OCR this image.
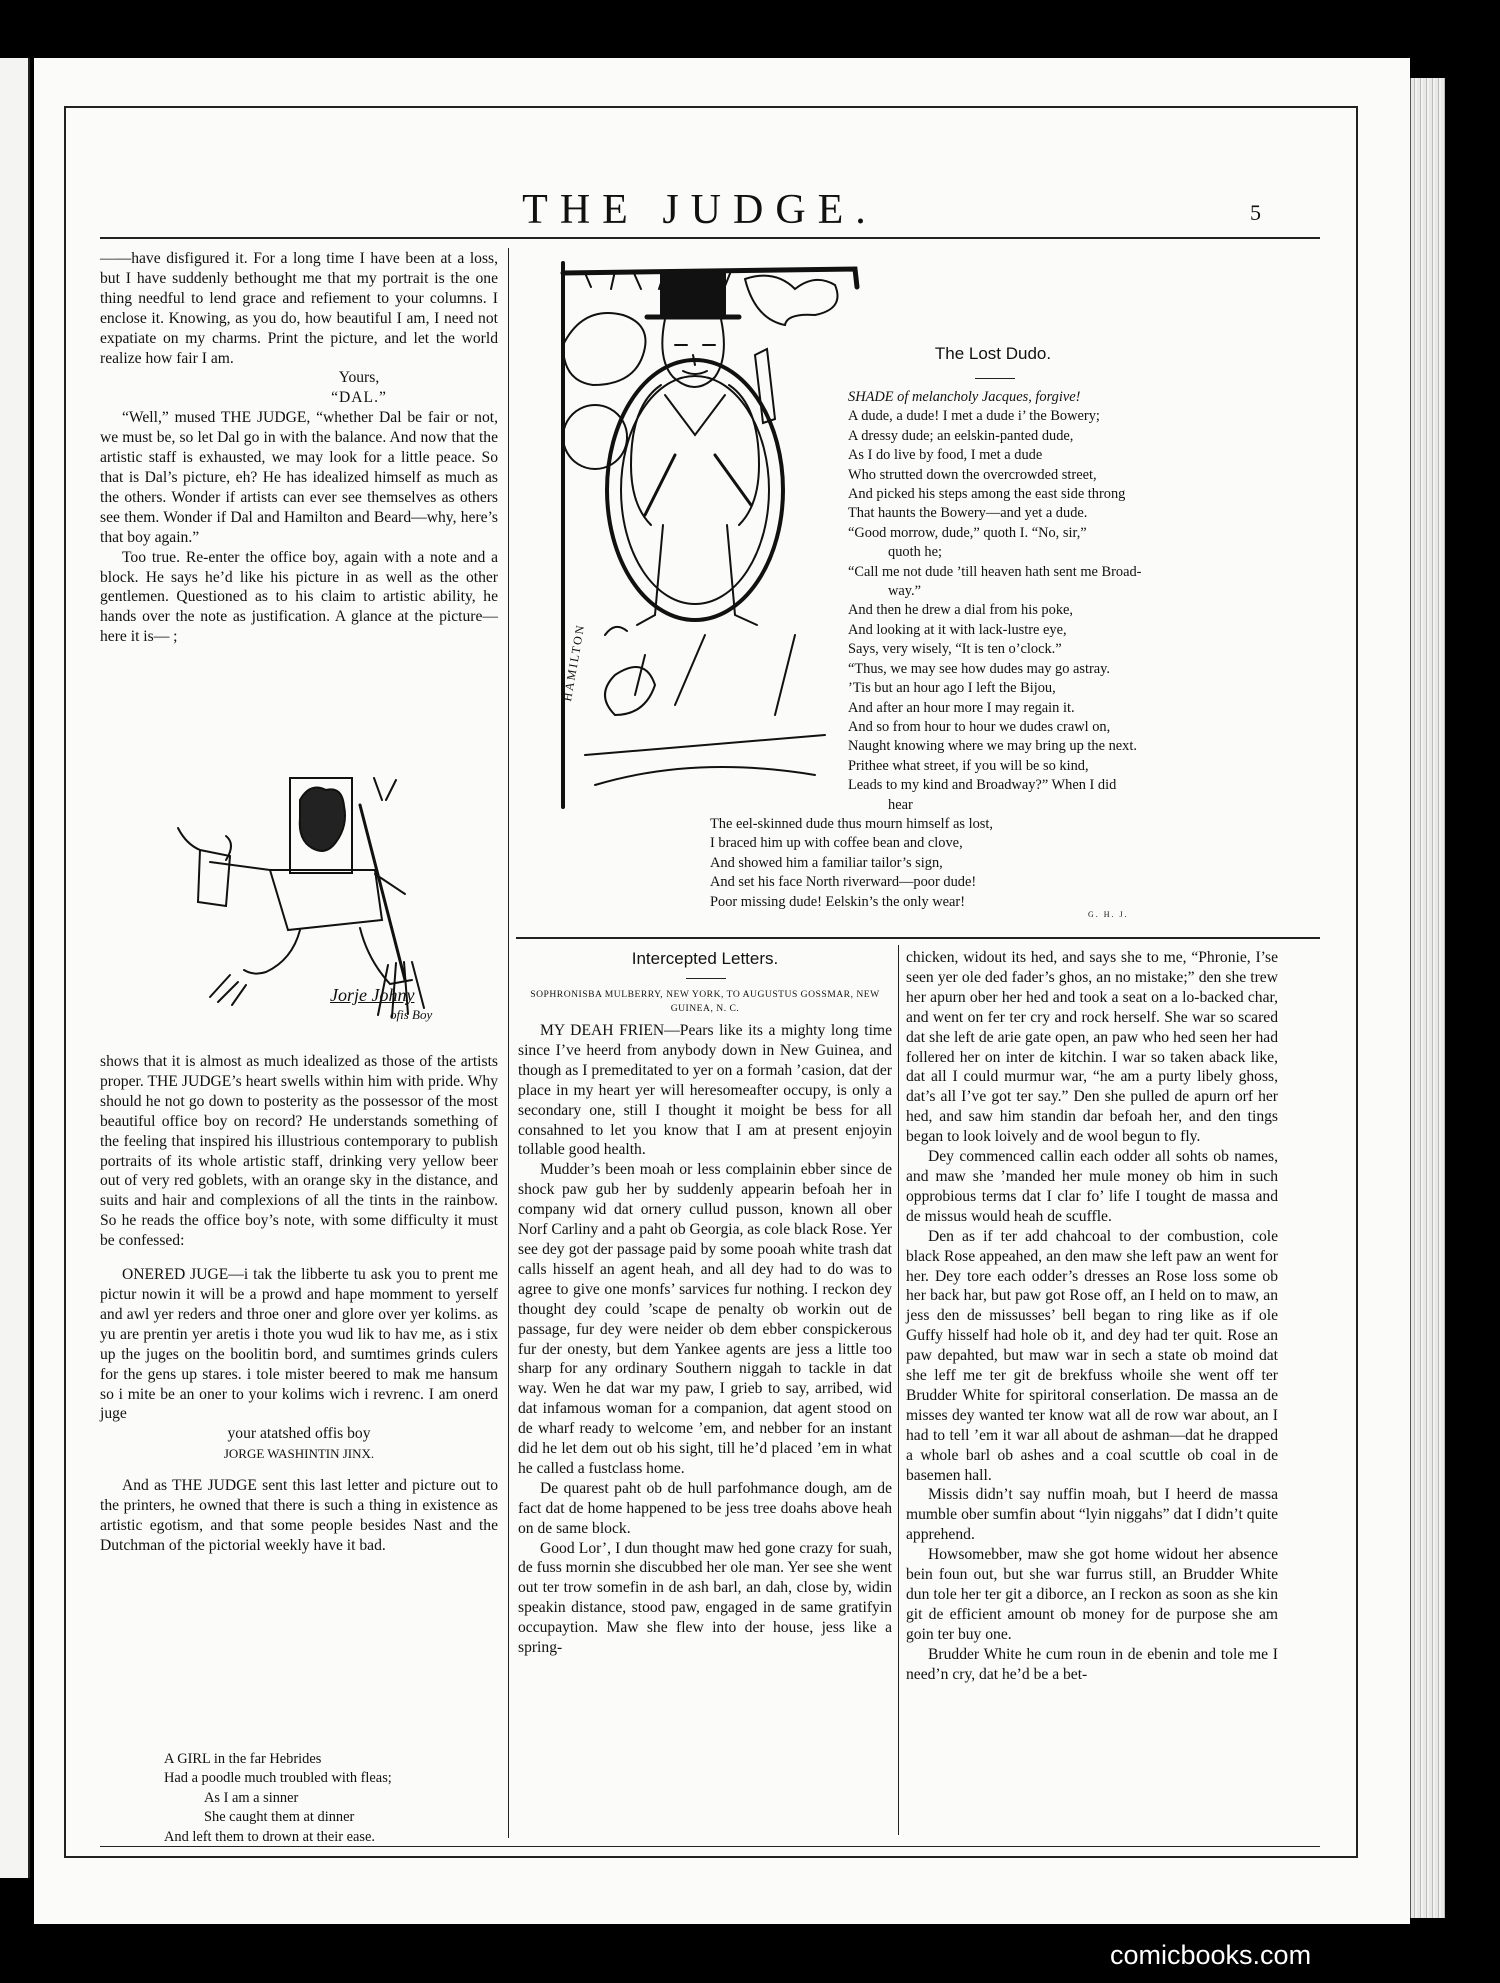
THE JUDGE.	5

——have disfigured it. For a long time I have been at a loss, but I have suddenly bethought me that my portrait is the one thing needful to lend grace and refiement to your columns. I enclose it. Knowing, as you do, how beautiful I am, I need not expatiate on my charms. Print the picture, and let the world realize how fair I am.

Yours,
“DAL.”

“Well,” mused THE JUDGE, “whether Dal be fair or not, we must be, so let Dal go in with the balance. And now that the artistic staff is exhausted, we may look for a little peace. So that is Dal’s picture, eh? He has idealized himself as much as the others. Wonder if artists can ever see themselves as others see them. Wonder if Dal and Hamilton and Beard—why, here’s that boy again.”

Too true. Re-enter the office boy, again with a note and a block. He says he’d like his picture in as well as the other gentlemen. Questioned as to his claim to artistic ability, he hands over the note as justification. A glance at the picture—here it is— ;

Jorje Johny
ofis Boy

shows that it is almost as much idealized as those of the artists proper. THE JUDGE’s heart swells within him with pride. Why should he not go down to posterity as the possessor of the most beautiful office boy on record? He understands something of the feeling that inspired his illustrious contemporary to publish portraits of its whole artistic staff, drinking very yellow beer out of very red goblets, with an orange sky in the distance, and suits and hair and complexions of all the tints in the rainbow. So he reads the office boy’s note, with some difficulty it must be confessed:

ONERED JUGE—i tak the libberte tu ask you to prent me pictur nowin it will be a prowd and hape momment to yerself and awl yer reders and throe oner and glore over yer kolims. as yu are prentin yer aretis i thote you wud lik to hav me, as i stix up the juges on the boolitin bord, and sumtimes grinds culers for the gens up stares. i tole mister beered to mak me hansum so i mite be an oner to your kolims wich i revrenc. I am onerd juge

your atatshed offis boy
JORGE WASHINTIN JINX.

And as THE JUDGE sent this last letter and picture out to the printers, he owned that there is such a thing in existence as artistic egotism, and that some people besides Nast and the Dutchman of the pictorial weekly have it bad.

A GIRL in the far Hebrides
Had a poodle much troubled with fleas;
As I am a sinner
She caught them at dinner
And left them to drown at their ease.
HAMILTON
The Lost Dudo.
SHADE of melancholy Jacques, forgive!
A dude, a dude! I met a dude i’ the Bowery;
A dressy dude; an eelskin-panted dude,
As I do live by food, I met a dude
Who strutted down the overcrowded street,
And picked his steps among the east side throng
That haunts the Bowery—and yet a dude.
“Good morrow, dude,” quoth I. “No, sir,”
quoth he;
“Call me not dude ’till heaven hath sent me Broad-
way.”
And then he drew a dial from his poke,
And looking at it with lack-lustre eye,
Says, very wisely, “It is ten o’clock.”
“Thus, we may see how dudes may go astray.
’Tis but an hour ago I left the Bijou,
And after an hour more I may regain it.
And so from hour to hour we dudes crawl on,
Naught knowing where we may bring up the next.
Prithee what street, if you will be so kind,
Leads to my kind and Broadway?” When I did
hear
The eel-skinned dude thus mourn himself as lost,
I braced him up with coffee bean and clove,
And showed him a familiar tailor’s sign,
And set his face North riverward—poor dude!
Poor missing dude! Eelskin’s the only wear!
G. H. J.
Intercepted Letters.
SOPHRONISBA MULBERRY, NEW YORK, TO AUGUSTUS GOSSMAR, NEW GUINEA, N. C.

MY DEAH FRIEN—Pears like its a mighty long time since I’ve heerd from anybody down in New Guinea, and though as I premeditated to yer on a formah ’casion, dat der place in my heart yer will heresomeafter occupy, is only a secondary one, still I thought it moight be bess for all consahned to let you know that I am at present enjoyin tollable good health.

Mudder’s been moah or less complainin ebber since de shock paw gub her by suddenly appearin befoah her in company wid dat ornery cullud pusson, known all ober Norf Carliny and a paht ob Georgia, as cole black Rose. Yer see dey got der passage paid by some pooah white trash dat calls hisself an agent heah, and all dey had to do was to agree to give one monfs’ sarvices fur nothing. I reckon dey thought dey could ’scape de penalty ob workin out de passage, fur dey were neider ob dem ebber conspickerous fur der onesty, but dem Yankee agents are jess a little too sharp for any ordinary Southern niggah to tackle in dat way. Wen he dat war my paw, I grieb to say, arribed, wid dat infamous woman for a companion, dat agent stood on de wharf ready to welcome ’em, and nebber for an instant did he let dem out ob his sight, till he’d placed ’em in what he called a fustclass home.

De quarest paht ob de hull parfohmance dough, am de fact dat de home happened to be jess tree doahs above heah on de same block.

Good Lor’, I dun thought maw hed gone crazy for suah, de fuss mornin she discubbed her ole man. Yer see she went out ter trow somefin in de ash barl, an dah, close by, widin speakin distance, stood paw, engaged in de same gratifyin occupaytion. Maw she flew into der house, jess like a spring-

chicken, widout its hed, and says she to me, “Phronie, I’se seen yer ole ded fader’s ghos, an no mistake;” den she trew her apurn ober her hed and took a seat on a lo-backed char, and went on fer ter cry and rock herself. She war so scared dat she left de arie gate open, an paw who hed seen her had follered her on inter de kitchin. I war so taken aback like, dat all I could murmur war, “he am a purty libely ghoss, dat’s all I’ve got ter say.” Den she pulled de apurn orf her hed, and saw him standin dar befoah her, and den tings began to look loively and de wool begun to fly.

Dey commenced callin each odder all sohts ob names, and maw she ’manded her mule money ob him in such opprobious terms dat I clar fo’ life I tought de massa and de missus would heah de scuffle.

Den as if ter add chahcoal to der combustion, cole black Rose appeahed, an den maw she left paw an went for her. Dey tore each odder’s dresses an Rose loss some ob her back har, but paw got Rose off, an I held on to maw, an jess den de missusses’ bell began to ring like as if ole Guffy hisself had hole ob it, and dey had ter quit. Rose an paw depahted, but maw war in sech a state ob moind dat she leff me ter git de brekfuss whoile she went off ter Brudder White for spiritoral conserlation. De massa an de misses dey wanted ter know wat all de row war about, an I had to tell ’em it war all about de ashman—dat he drapped a whole barl ob ashes and a coal scuttle ob coal in de basemen hall.

Missis didn’t say nuffin moah, but I heerd de massa mumble ober sumfin about “lyin niggahs” dat I didn’t quite apprehend.

Howsomebber, maw she got home widout her absence bein foun out, but she war furrus still, an Brudder White dun tole her ter git a diborce, an I reckon as soon as she kin git de efficient amount ob money for de purpose she am goin ter buy one.

Brudder White he cum roun in de ebenin and tole me I need’n cry, dat he’d be a bet-

comicbooks.com
